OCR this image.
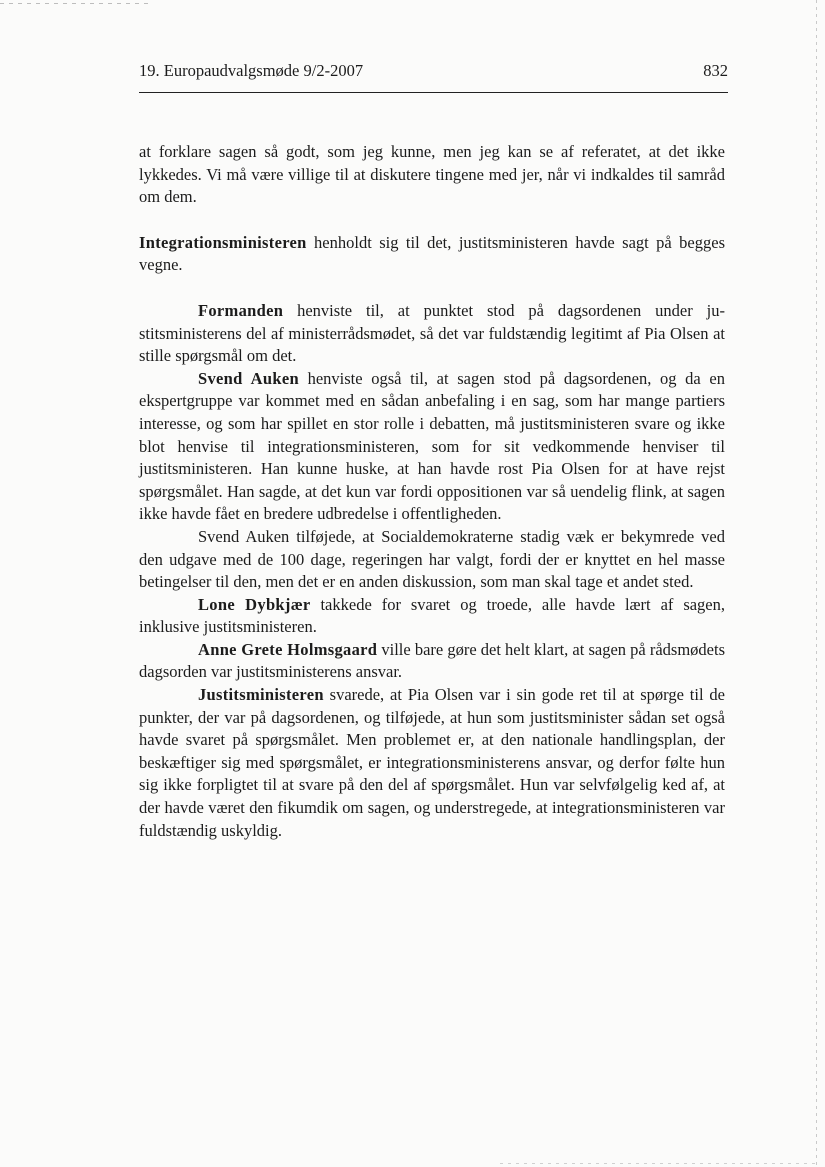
19. Europaudvalgsmøde 9/2-2007	832

at forklare sagen så godt, som jeg kunne, men jeg kan se af referatet, at det ikke lykkedes. Vi må være villige til at diskutere tingene med jer, når vi indkaldes til samråd om dem.

Integrationsministeren henholdt sig til det, justitsministeren havde sagt på begges vegne.

Formanden henviste til, at punktet stod på dagsordenen under justitsministerens del af ministerrådsmødet, så det var fuldstændig legitimt af Pia Olsen at stille spørgsmål om det.

Svend Auken henviste også til, at sagen stod på dagsordenen, og da en ekspertgruppe var kommet med en sådan anbefaling i en sag, som har mange partiers interesse, og som har spillet en stor rolle i debatten, må justitsministeren svare og ikke blot henvise til integrationsministeren, som for sit vedkommende henviser til justitsministeren. Han kunne huske, at han havde rost Pia Olsen for at have rejst spørgsmålet. Han sagde, at det kun var fordi oppositionen var så uendelig flink, at sagen ikke havde fået en bredere udbredelse i offentligheden.

Svend Auken tilføjede, at Socialdemokraterne stadig væk er bekymrede ved den udgave med de 100 dage, regeringen har valgt, fordi der er knyttet en hel masse betingelser til den, men det er en anden diskussion, som man skal tage et andet sted.

Lone Dybkjær takkede for svaret og troede, alle havde lært af sagen, inklusive justitsministeren.

Anne Grete Holmsgaard ville bare gøre det helt klart, at sagen på rådsmødets dagsorden var justitsministerens ansvar.

Justitsministeren svarede, at Pia Olsen var i sin gode ret til at spørge til de punkter, der var på dagsordenen, og tilføjede, at hun som justitsminister sådan set også havde svaret på spørgsmålet. Men problemet er, at den nationale handlingsplan, der beskæftiger sig med spørgsmålet, er integrationsministerens ansvar, og derfor følte hun sig ikke forpligtet til at svare på den del af spørgsmålet. Hun var selvfølgelig ked af, at der havde været den fikumdik om sagen, og understregede, at integrationsministeren var fuldstændig uskyldig.
